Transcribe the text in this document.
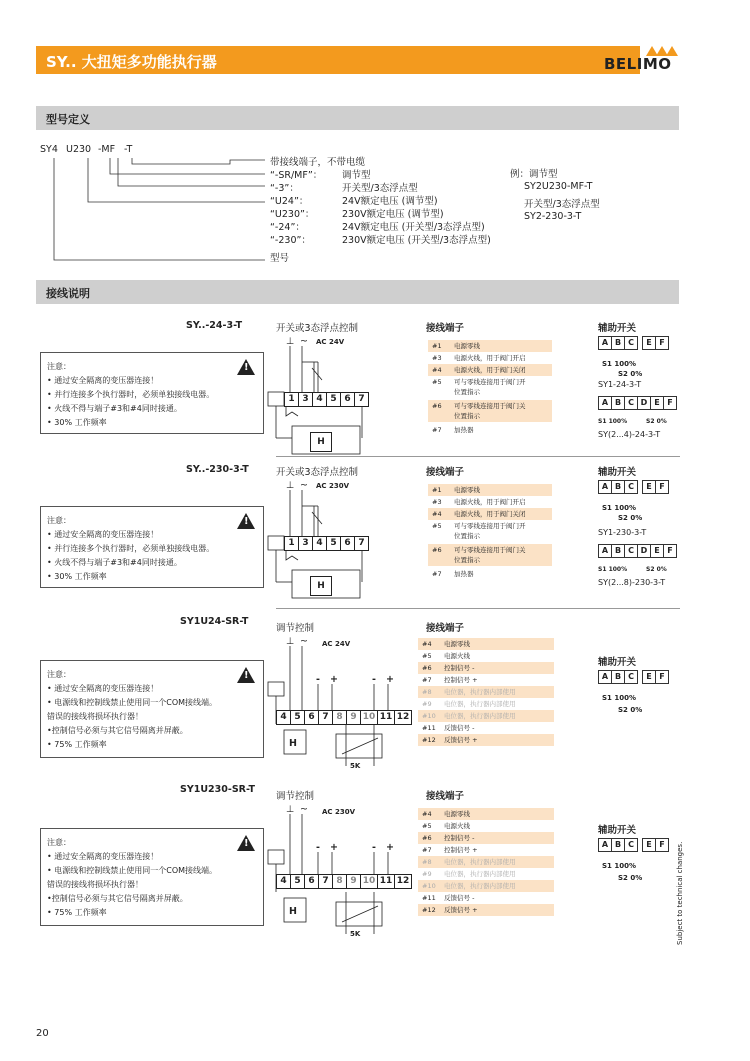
SY.. 大扭矩多功能执行器	BELIMO
型号定义
SY4 U230 -MF -T
带接线端子，不带电缆
“-SR/MF”： 调节型
“-3”：	开关型/3态浮点型
“U24”：	24V额定电压 (调节型)
“U230”：	230V额定电压 (调节型)
“-24”：	24V额定电压 (开关型/3态浮点型)
“-230”：	230V额定电压 (开关型/3态浮点型)
型号
例：调节型
SY2U230-MF-T
开关型/3态浮点型
SY2-230-3-T
接线说明
SY..-24-3-T	开关或3态浮点控制	接线端子	辅助开关
!
注意：
• 通过安全隔离的变压器连接！
• 并行连接多个执行器时，必须单独接线电器。
• 火线不得与端子#3和#4同时接通。
• 30% 工作频率
⊥ ~ AC 24V
1 3 4 5 6 7
H
#1 电源零线
#3 电源火线，用于阀门开启
#4 电源火线，用于阀门关闭
#5 可与零线连接用于阀门开
位置指示
#6 可与零线连接用于阀门关
位置指示
#7 加热器
A B C	E F
S1 100%
S2 0%
SY1-24-3-T
A B C D E F
S1 100%	S2 0%
SY(2...4)-24-3-T
SY..-230-3-T	开关或3态浮点控制	接线端子	辅助开关
!
注意：
• 通过安全隔离的变压器连接！
• 并行连接多个执行器时，必须单独接线电器。
• 火线不得与端子#3和#4同时接通。
• 30% 工作频率
⊥ ~ AC 230V
1 3 4 5 6 7
H
#1 电源零线
#3 电源火线，用于阀门开启
#4 电源火线，用于阀门关闭
#5 可与零线连接用于阀门开
位置指示
#6 可与零线连接用于阀门关
位置指示
#7 加热器
A B C	E F
S1 100%
S2 0%
SY1-230-3-T
A B C D E F
S1 100%	S2 0%
SY(2...8)-230-3-T
SY1U24-SR-T
调节控制	接线端子
辅助开关
!
注意：
• 通过安全隔离的变压器连接！
• 电源线和控制线禁止使用同一个COM接线端。
错误的接线将损坏执行器！
•控制信号必须与其它信号隔离并屏蔽。
• 75% 工作频率
⊥ ~ AC 24V
- +	- +
4 5 6 7 8 9 10 11 12
H
5K
#4 电源零线
#5 电源火线
#6 控制信号 -
#7 控制信号 +
#8 电位器，执行器内部使用
#9 电位器，执行器内部使用
#10 电位器，执行器内部使用
#11 反馈信号 -
#12 反馈信号 +
A B C	E F
S1 100%
S2 0%
SY1U230-SR-T
调节控制	接线端子
辅助开关
!
注意：
• 通过安全隔离的变压器连接！
• 电源线和控制线禁止使用同一个COM接线端。
错误的接线将损坏执行器！
•控制信号必须与其它信号隔离并屏蔽。
• 75% 工作频率
⊥ ~ AC 230V
- +	- +
4 5 6 7 8 9 10 11 12
H
5K
#4 电源零线
#5 电源火线
#6 控制信号 -
#7 控制信号 +
#8 电位器，执行器内部使用
#9 电位器，执行器内部使用
#10 电位器，执行器内部使用
#11 反馈信号 -
#12 反馈信号 +
A B C	E F
S1 100%
S2 0%	Subject to technical changes.
20
